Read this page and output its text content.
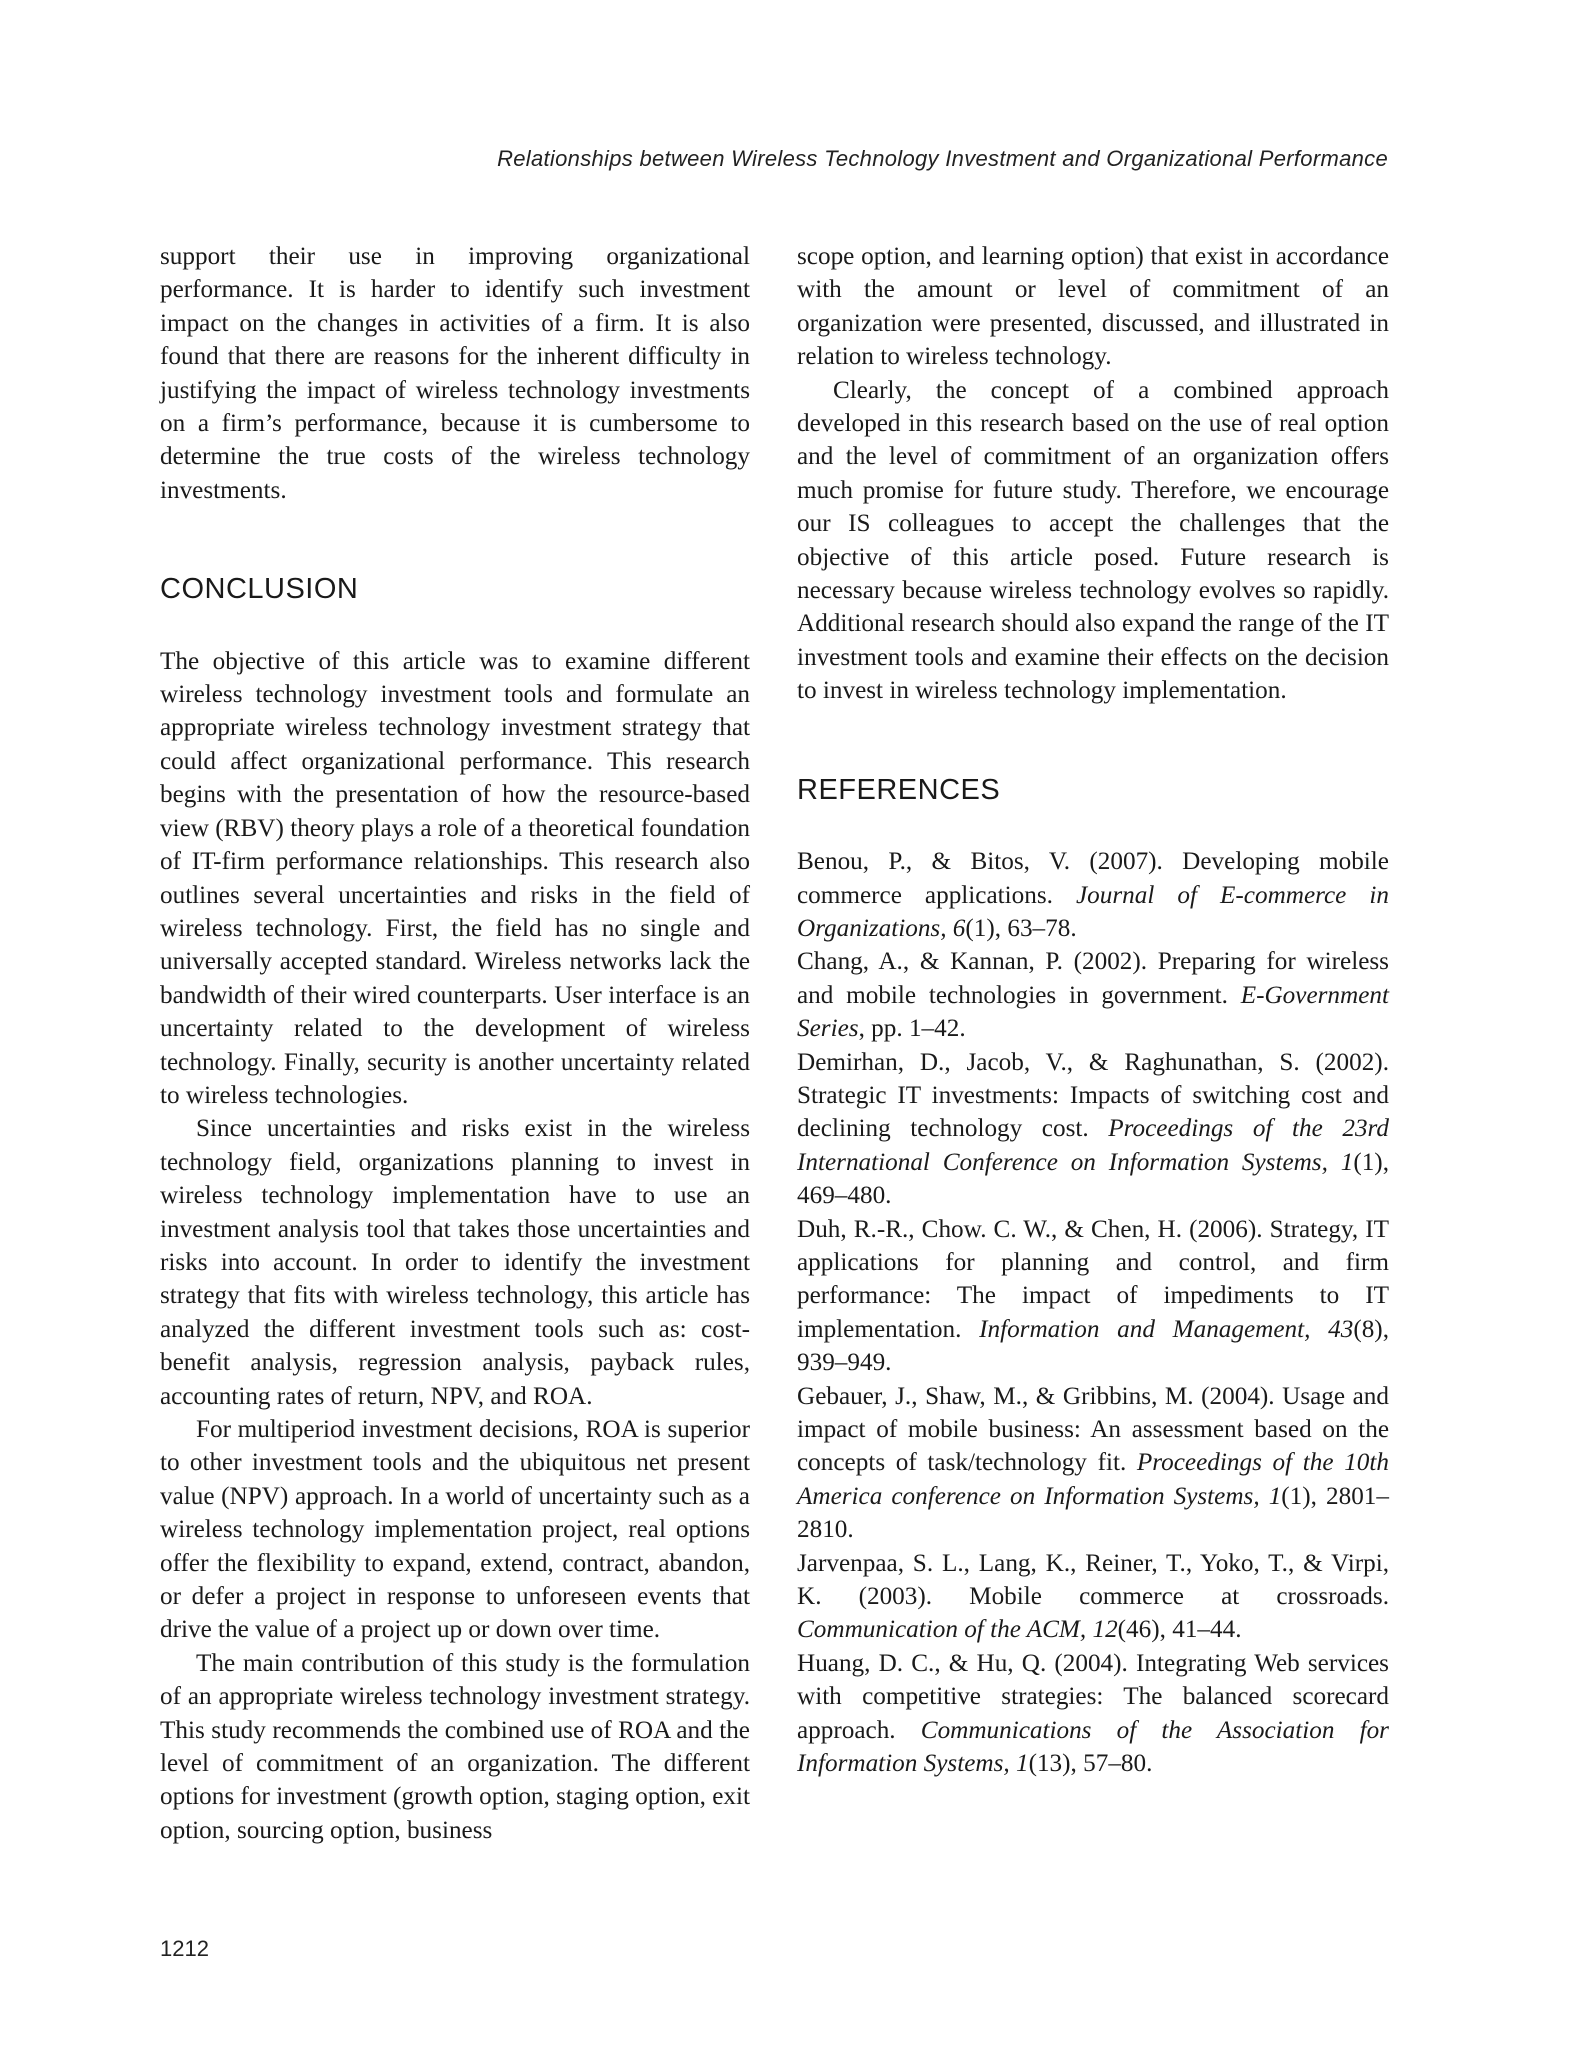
Relationships between Wireless Technology Investment and Organizational Performance

support their use in improving organizational performance. It is harder to identify such investment impact on the changes in activities of a firm. It is also found that there are reasons for the inherent difficulty in justifying the impact of wireless technology investments on a firm’s performance, because it is cumbersome to determine the true costs of the wireless technology investments.

CONCLUSION

The objective of this article was to examine different wireless technology investment tools and formulate an appropriate wireless technology investment strategy that could affect organizational performance. This research begins with the presentation of how the resource-based view (RBV) theory plays a role of a theoretical foundation of IT-firm performance relationships. This research also outlines several uncertainties and risks in the field of wireless technology. First, the field has no single and universally accepted standard. Wireless networks lack the bandwidth of their wired counterparts. User interface is an uncertainty related to the development of wireless technology. Finally, security is another uncertainty related to wireless technologies.

Since uncertainties and risks exist in the wireless technology field, organizations planning to invest in wireless technology implementation have to use an investment analysis tool that takes those uncertainties and risks into account. In order to identify the investment strategy that fits with wireless technology, this article has analyzed the different investment tools such as: cost-benefit analysis, regression analysis, payback rules, accounting rates of return, NPV, and ROA.

For multiperiod investment decisions, ROA is superior to other investment tools and the ubiquitous net present value (NPV) approach. In a world of uncertainty such as a wireless technology implementation project, real options offer the flexibility to expand, extend, contract, abandon, or defer a project in response to unforeseen events that drive the value of a project up or down over time.

The main contribution of this study is the formulation of an appropriate wireless technology investment strategy. This study recommends the combined use of ROA and the level of commitment of an organization. The different options for investment (growth option, staging option, exit option, sourcing option, business

scope option, and learning option) that exist in accordance with the amount or level of commitment of an organization were presented, discussed, and illustrated in relation to wireless technology.

Clearly, the concept of a combined approach developed in this research based on the use of real option and the level of commitment of an organization offers much promise for future study. Therefore, we encourage our IS colleagues to accept the challenges that the objective of this article posed. Future research is necessary because wireless technology evolves so rapidly. Additional research should also expand the range of the IT investment tools and examine their effects on the decision to invest in wireless technology implementation.

REFERENCES

Benou, P., & Bitos, V. (2007). Developing mobile commerce applications. Journal of E-commerce in Organizations, 6(1), 63–78.

Chang, A., & Kannan, P. (2002). Preparing for wireless and mobile technologies in government. E-Government Series, pp. 1–42.

Demirhan, D., Jacob, V., & Raghunathan, S. (2002). Strategic IT investments: Impacts of switching cost and declining technology cost. Proceedings of the 23rd International Conference on Information Systems, 1(1), 469–480.

Duh, R.-R., Chow. C. W., & Chen, H. (2006). Strategy, IT applications for planning and control, and firm performance: The impact of impediments to IT implementation. Information and Management, 43(8), 939–949.

Gebauer, J., Shaw, M., & Gribbins, M. (2004). Usage and impact of mobile business: An assessment based on the concepts of task/technology fit. Proceedings of the 10th America conference on Information Systems, 1(1), 2801–2810.

Jarvenpaa, S. L., Lang, K., Reiner, T., Yoko, T., & Virpi, K. (2003). Mobile commerce at crossroads. Communication of the ACM, 12(46), 41–44.

Huang, D. C., & Hu, Q. (2004). Integrating Web services with competitive strategies: The balanced scorecard approach. Communications of the Association for Information Systems, 1(13), 57–80.

1212
